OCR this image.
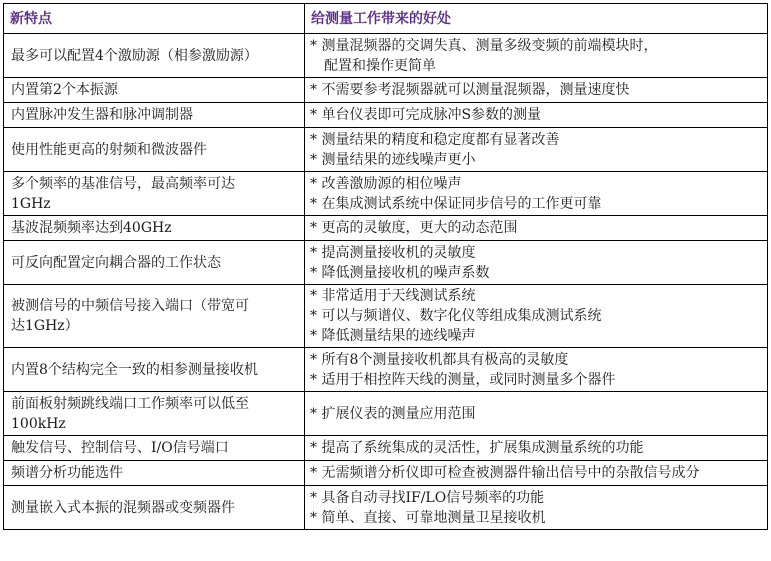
新特点	给测量工作带来的好处

最多可以配置4个激励源（相参激励源）	* 测量混频器的交调失真、测量多级变频的前端模块时，
配置和操作更简单

内置第2个本振源	* 不需要参考混频器就可以测量混频器，测量速度快

内置脉冲发生器和脉冲调制器	* 单台仪表即可完成脉冲S参数的测量

使用性能更高的射频和微波器件	* 测量结果的精度和稳定度都有显著改善
* 测量结果的迹线噪声更小

多个频率的基准信号，最高频率可达
1GHz	* 改善激励源的相位噪声
* 在集成测试系统中保证同步信号的工作更可靠

基波混频频率达到40GHz	* 更高的灵敏度，更大的动态范围

可反向配置定向耦合器的工作状态	* 提高测量接收机的灵敏度
* 降低测量接收机的噪声系数

被测信号的中频信号接入端口（带宽可
达1GHz）	* 非常适用于天线测试系统
* 可以与频谱仪、数字化仪等组成集成测试系统
* 降低测量结果的迹线噪声

内置8个结构完全一致的相参测量接收机	* 所有8个测量接收机都具有极高的灵敏度
* 适用于相控阵天线的测量，或同时测量多个器件

前面板射频跳线端口工作频率可以低至
100kHz	* 扩展仪表的测量应用范围

触发信号、控制信号、I/O信号端口	* 提高了系统集成的灵活性，扩展集成测量系统的功能

频谱分析功能选件	* 无需频谱分析仪即可检查被测器件输出信号中的杂散信号成分

测量嵌入式本振的混频器或变频器件	* 具备自动寻找IF/LO信号频率的功能
* 简单、直接、可靠地测量卫星接收机
